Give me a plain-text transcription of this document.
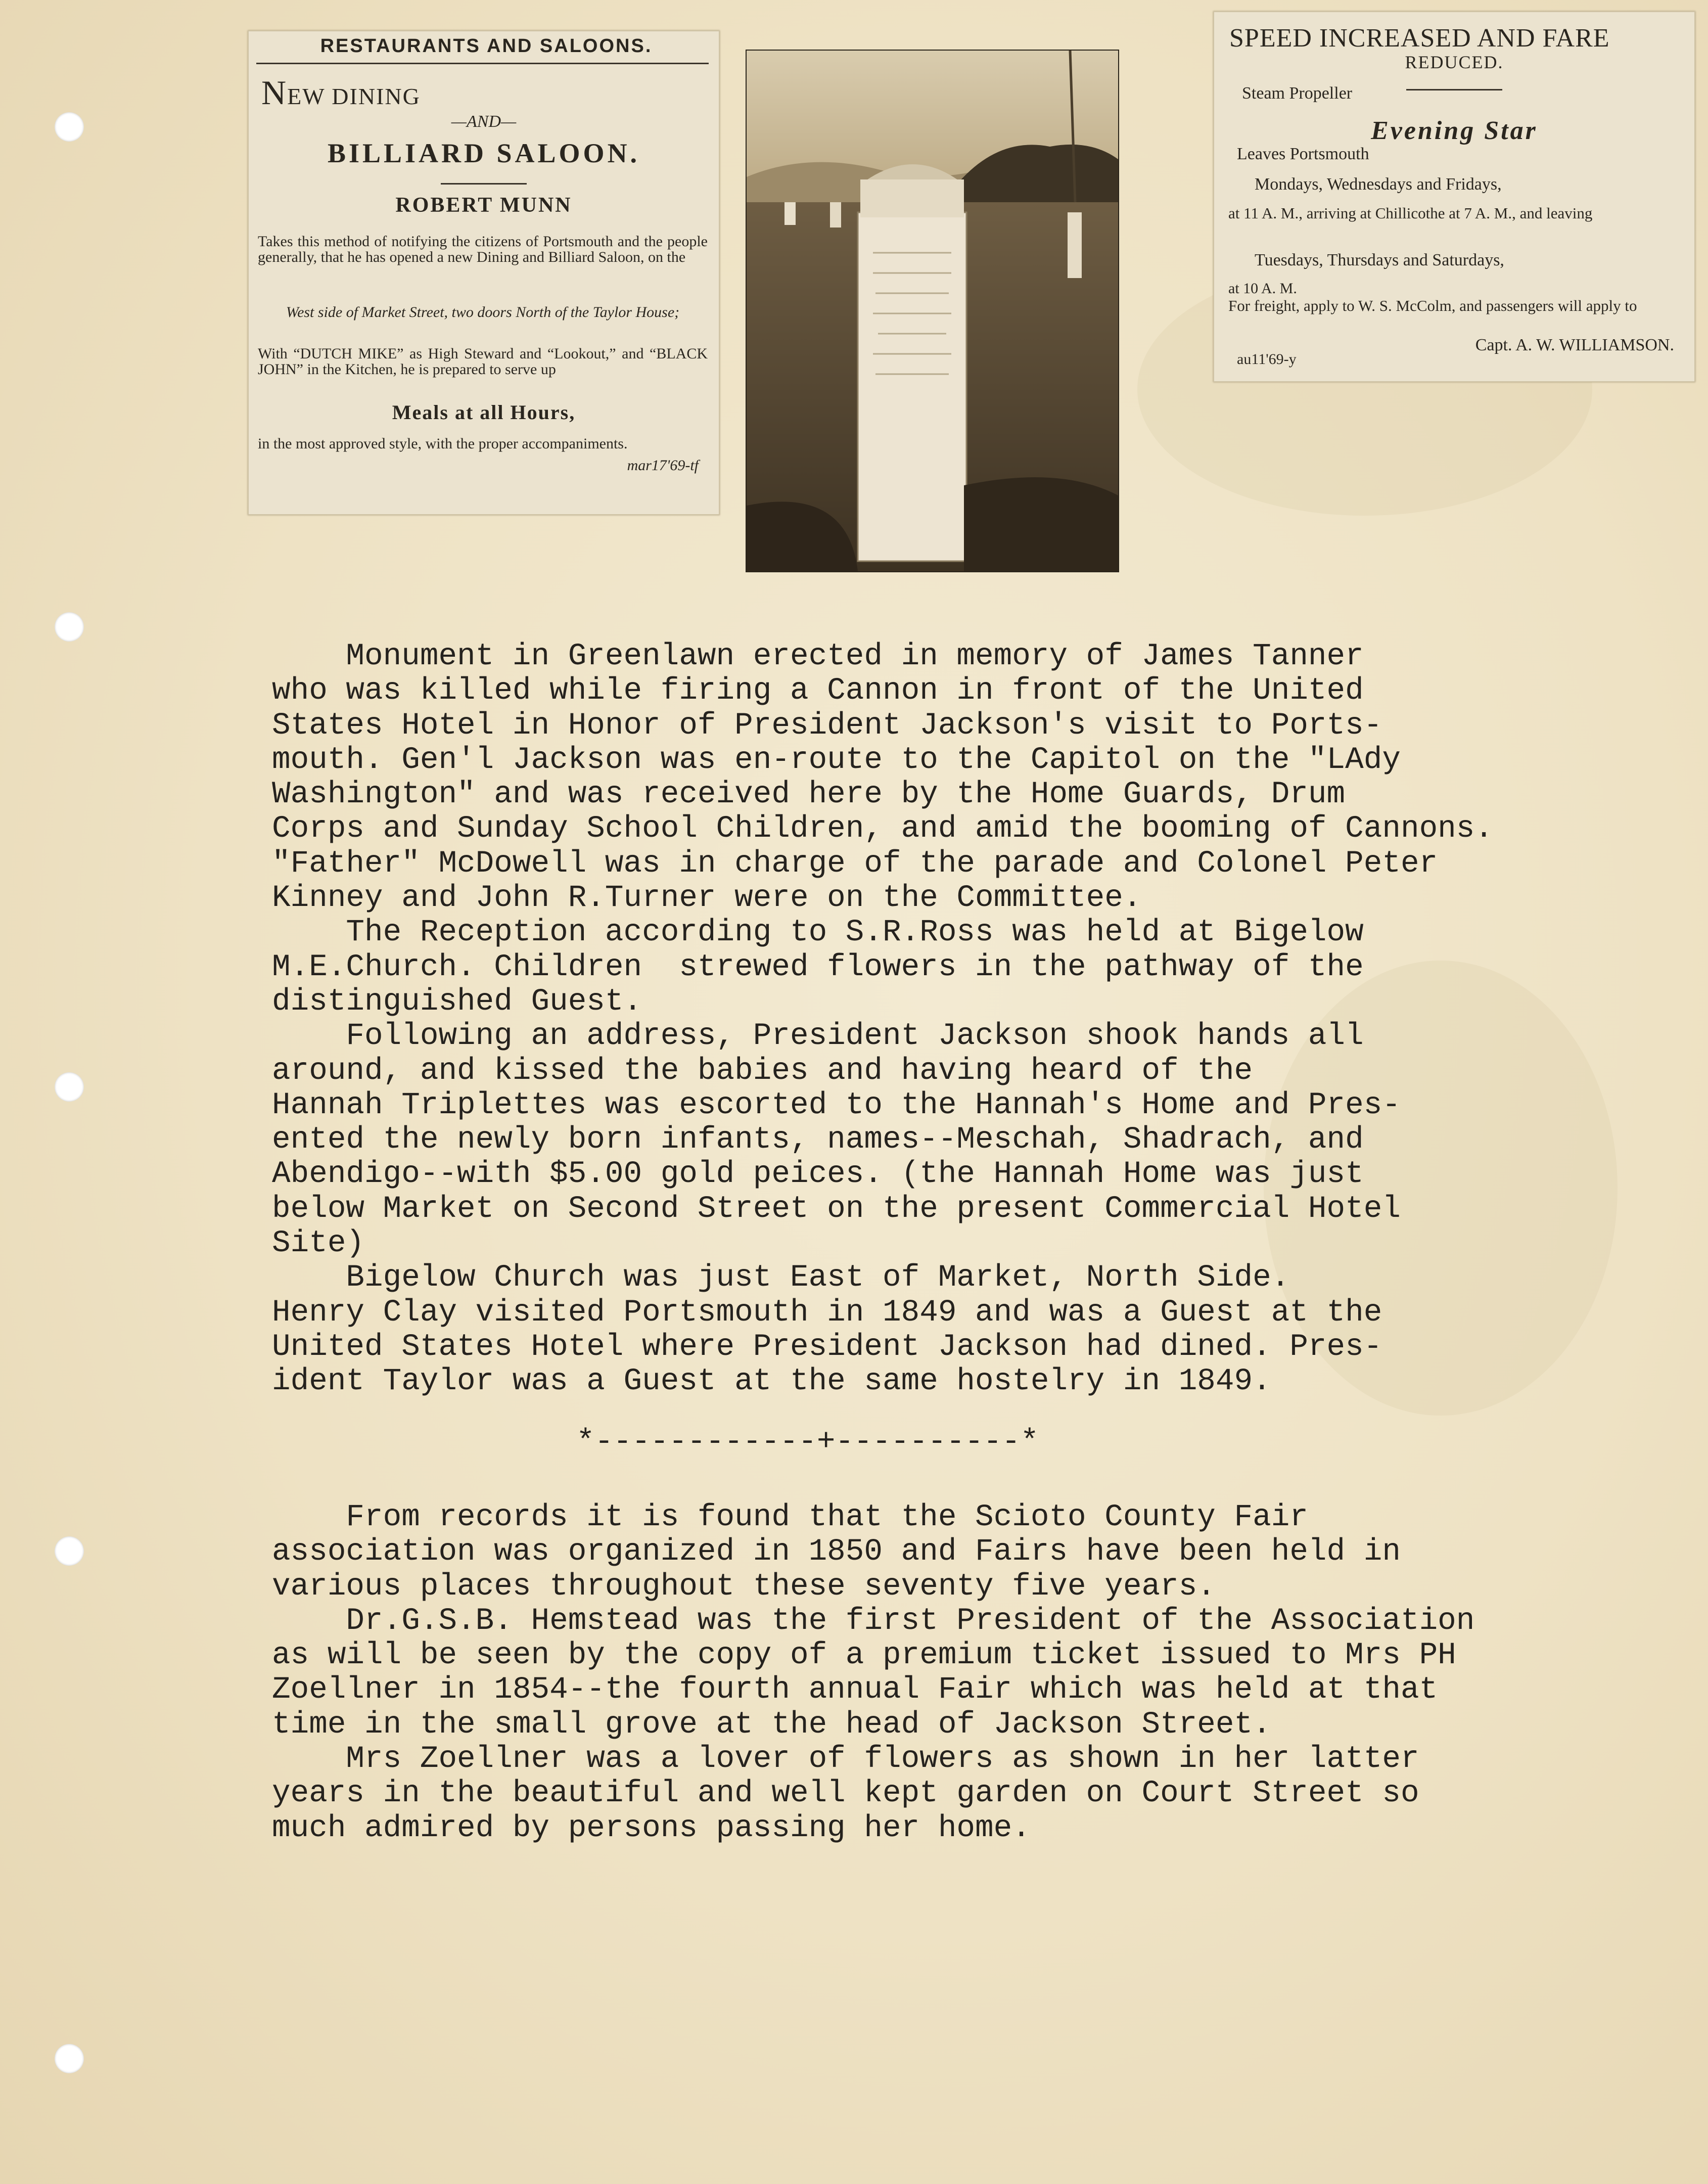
RESTAURANTS AND SALOONS.
NEW DINING
—AND—
BILLIARD SALOON.
ROBERT MUNN
Takes this method of notifying the citizens of Portsmouth and the people generally, that he has opened a new Dining and Billiard Saloon, on the
West side of Market Street, two doors North of the Taylor House;
With “DUTCH MIKE” as High Steward and “Lookout,” and “BLACK JOHN” in the Kitchen, he is prepared to serve up
Meals at all Hours,
in the most approved style, with the proper accompaniments.
mar17'69-tf
SPEED INCREASED AND FARE
REDUCED.
Steam Propeller
Evening Star
Leaves Portsmouth
Mondays, Wednesdays and Fridays,
at 11 A. M., arriving at Chillicothe at 7 A. M., and leaving
Tuesdays, Thursdays and Saturdays,
at 10 A. M.
For freight, apply to W. S. McColm, and passengers will apply to
Capt. A. W. WILLIAMSON.
au11'69-y
Monument in Greenlawn erected in memory of James Tanner
who was killed while firing a Cannon in front of the United
States Hotel in Honor of President Jackson's visit to Ports-
mouth. Gen'l Jackson was en-route to the Capitol on the "LAdy
Washington" and was received here by the Home Guards, Drum
Corps and Sunday School Children, and amid the booming of Cannons.
"Father" McDowell was in charge of the parade and Colonel Peter
Kinney and John R.Turner were on the Committee.
The Reception according to S.R.Ross was held at Bigelow
M.E.Church. Children  strewed flowers in the pathway of the
distinguished Guest.
Following an address, President Jackson shook hands all
around, and kissed the babies and having heard of the
Hannah Triplettes was escorted to the Hannah's Home and Pres-
ented the newly born infants, names--Meschah, Shadrach, and
Abendigo--with $5.00 gold peices. (the Hannah Home was just
below Market on Second Street on the present Commercial Hotel
Site)
Bigelow Church was just East of Market, North Side.
Henry Clay visited Portsmouth in 1849 and was a Guest at the
United States Hotel where President Jackson had dined. Pres-
ident Taylor was a Guest at the same hostelry in 1849.
*------------+----------*
From records it is found that the Scioto County Fair
association was organized in 1850 and Fairs have been held in
various places throughout these seventy five years.
Dr.G.S.B. Hemstead was the first President of the Association
as will be seen by the copy of a premium ticket issued to Mrs PH
Zoellner in 1854--the fourth annual Fair which was held at that
time in the small grove at the head of Jackson Street.
Mrs Zoellner was a lover of flowers as shown in her latter
years in the beautiful and well kept garden on Court Street so
much admired by persons passing her home.
